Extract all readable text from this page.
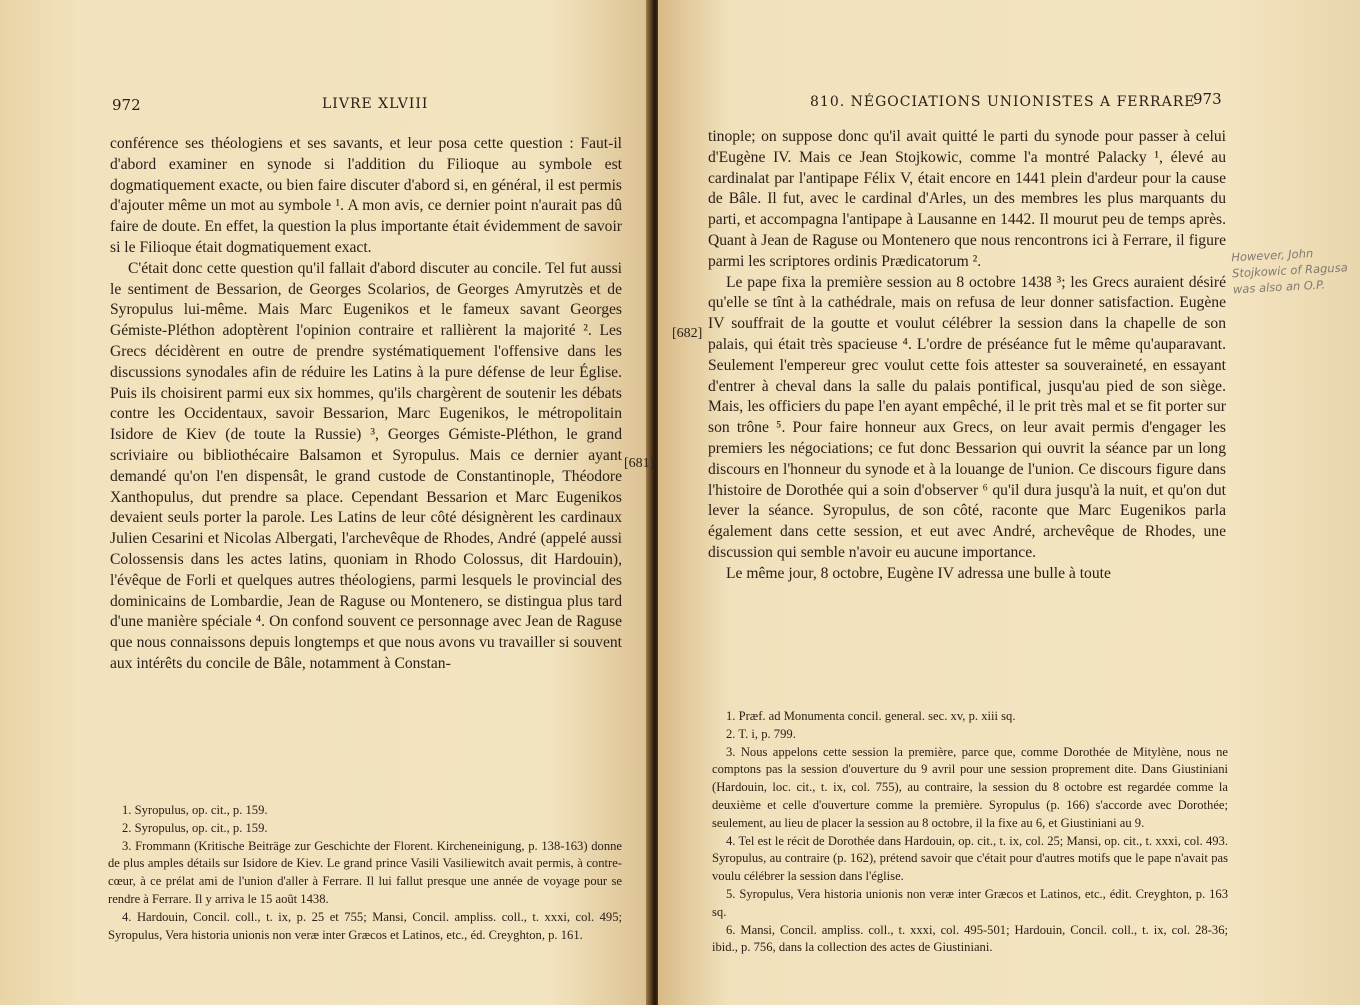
972	LIVRE XLVIII

conférence ses théologiens et ses savants, et leur posa cette question : Faut-il d'abord examiner en synode si l'addition du Filioque au symbole est dogmatiquement exacte, ou bien faire discuter d'abord si, en général, il est permis d'ajouter même un mot au symbole ¹. A mon avis, ce dernier point n'aurait pas dû faire de doute. En effet, la question la plus importante était évidemment de savoir si le Filioque était dogmatiquement exact.

C'était donc cette question qu'il fallait d'abord discuter au concile. Tel fut aussi le sentiment de Bessarion, de Georges Scolarios, de Georges Amyrutzès et de Syropulus lui-même. Mais Marc Eugenikos et le fameux savant Georges Gémiste-Pléthon adoptèrent l'opinion contraire et rallièrent la majorité ². Les Grecs décidèrent en outre de prendre systématiquement l'offensive dans les discussions synodales afin de réduire les Latins à la pure défense de leur Église. Puis ils choisirent parmi eux six hommes, qu'ils chargèrent de soutenir les débats contre les Occidentaux, savoir Bessarion, Marc Eugenikos, le métropolitain Isidore de Kiev (de toute la Russie) ³, Georges Gémiste-Pléthon, le grand scriviaire ou bibliothécaire Balsamon et Syropulus. Mais ce dernier ayant demandé qu'on l'en dispensât, le grand custode de Constantinople, Théodore Xanthopulus, dut prendre sa place. Cependant Bessarion et Marc Eugenikos devaient seuls porter la parole. Les Latins de leur côté désignèrent les cardinaux Julien Cesarini et Nicolas Albergati, l'archevêque de Rhodes, André (appelé aussi Colossensis dans les actes latins, quoniam in Rhodo Colossus, dit Hardouin), l'évêque de Forli et quelques autres théologiens, parmi lesquels le provincial des dominicains de Lombardie, Jean de Raguse ou Montenero, se distingua plus tard d'une manière spéciale ⁴. On confond souvent ce personnage avec Jean de Raguse que nous connaissons depuis longtemps et que nous avons vu travailler si souvent aux intérêts du concile de Bâle, notamment à Constan-

1. Syropulus, op. cit., p. 159.

2. Syropulus, op. cit., p. 159.

3. Frommann (Kritische Beiträge zur Geschichte der Florent. Kircheneinigung, p. 138-163) donne de plus amples détails sur Isidore de Kiev. Le grand prince Vasili Vasiliewitch avait permis, à contre-cœur, à ce prélat ami de l'union d'aller à Ferrare. Il lui fallut presque une année de voyage pour se rendre à Ferrare. Il y arriva le 15 août 1438.

4. Hardouin, Concil. coll., t. ix, p. 25 et 755; Mansi, Concil. ampliss. coll., t. xxxi, col. 495; Syropulus, Vera historia unionis non veræ inter Græcos et Latinos, etc., éd. Creyghton, p. 161.

810. NÉGOCIATIONS UNIONISTES A FERRARE
973

tinople; on suppose donc qu'il avait quitté le parti du synode pour passer à celui d'Eugène IV. Mais ce Jean Stojkowic, comme l'a montré Palacky ¹, élevé au cardinalat par l'antipape Félix V, était encore en 1441 plein d'ardeur pour la cause de Bâle. Il fut, avec le cardinal d'Arles, un des membres les plus marquants du parti, et accompagna l'antipape à Lausanne en 1442. Il mourut peu de temps après. Quant à Jean de Raguse ou Montenero que nous rencontrons ici à Ferrare, il figure parmi les scriptores ordinis Prædicatorum ².

Le pape fixa la première session au 8 octobre 1438 ³; les Grecs auraient désiré qu'elle se tînt à la cathédrale, mais on refusa de leur donner satisfaction. Eugène IV souffrait de la goutte et voulut célébrer la session dans la chapelle de son palais, qui était très spacieuse ⁴. L'ordre de préséance fut le même qu'auparavant. Seulement l'empereur grec voulut cette fois attester sa souveraineté, en essayant d'entrer à cheval dans la salle du palais pontifical, jusqu'au pied de son siège. Mais, les officiers du pape l'en ayant empêché, il le prit très mal et se fit porter sur son trône ⁵. Pour faire honneur aux Grecs, on leur avait permis d'engager les premiers les négociations; ce fut donc Bessarion qui ouvrit la séance par un long discours en l'honneur du synode et à la louange de l'union. Ce discours figure dans l'histoire de Dorothée qui a soin d'observer ⁶ qu'il dura jusqu'à la nuit, et qu'on dut lever la séance. Syropulus, de son côté, raconte que Marc Eugenikos parla également dans cette session, et eut avec André, archevêque de Rhodes, une discussion qui semble n'avoir eu aucune importance.

Le même jour, 8 octobre, Eugène IV adressa une bulle à toute

1. Præf. ad Monumenta concil. general. sec. xv, p. xiii sq.

2. T. i, p. 799.

3. Nous appelons cette session la première, parce que, comme Dorothée de Mitylène, nous ne comptons pas la session d'ouverture du 9 avril pour une session proprement dite. Dans Giustiniani (Hardouin, loc. cit., t. ix, col. 755), au contraire, la session du 8 octobre est regardée comme la deuxième et celle d'ouverture comme la première. Syropulus (p. 166) s'accorde avec Dorothée; seulement, au lieu de placer la session au 8 octobre, il la fixe au 6, et Giustiniani au 9.

4. Tel est le récit de Dorothée dans Hardouin, op. cit., t. ix, col. 25; Mansi, op. cit., t. xxxi, col. 493. Syropulus, au contraire (p. 162), prétend savoir que c'était pour d'autres motifs que le pape n'avait pas voulu célébrer la session dans l'église.

5. Syropulus, Vera historia unionis non veræ inter Græcos et Latinos, etc., édit. Creyghton, p. 163 sq.

6. Mansi, Concil. ampliss. coll., t. xxxi, col. 495-501; Hardouin, Concil. coll., t. ix, col. 28-36; ibid., p. 756, dans la collection des actes de Giustiniani.

[681]
[682]
However, John Stojkowic of Ragusa was also an O.P.
